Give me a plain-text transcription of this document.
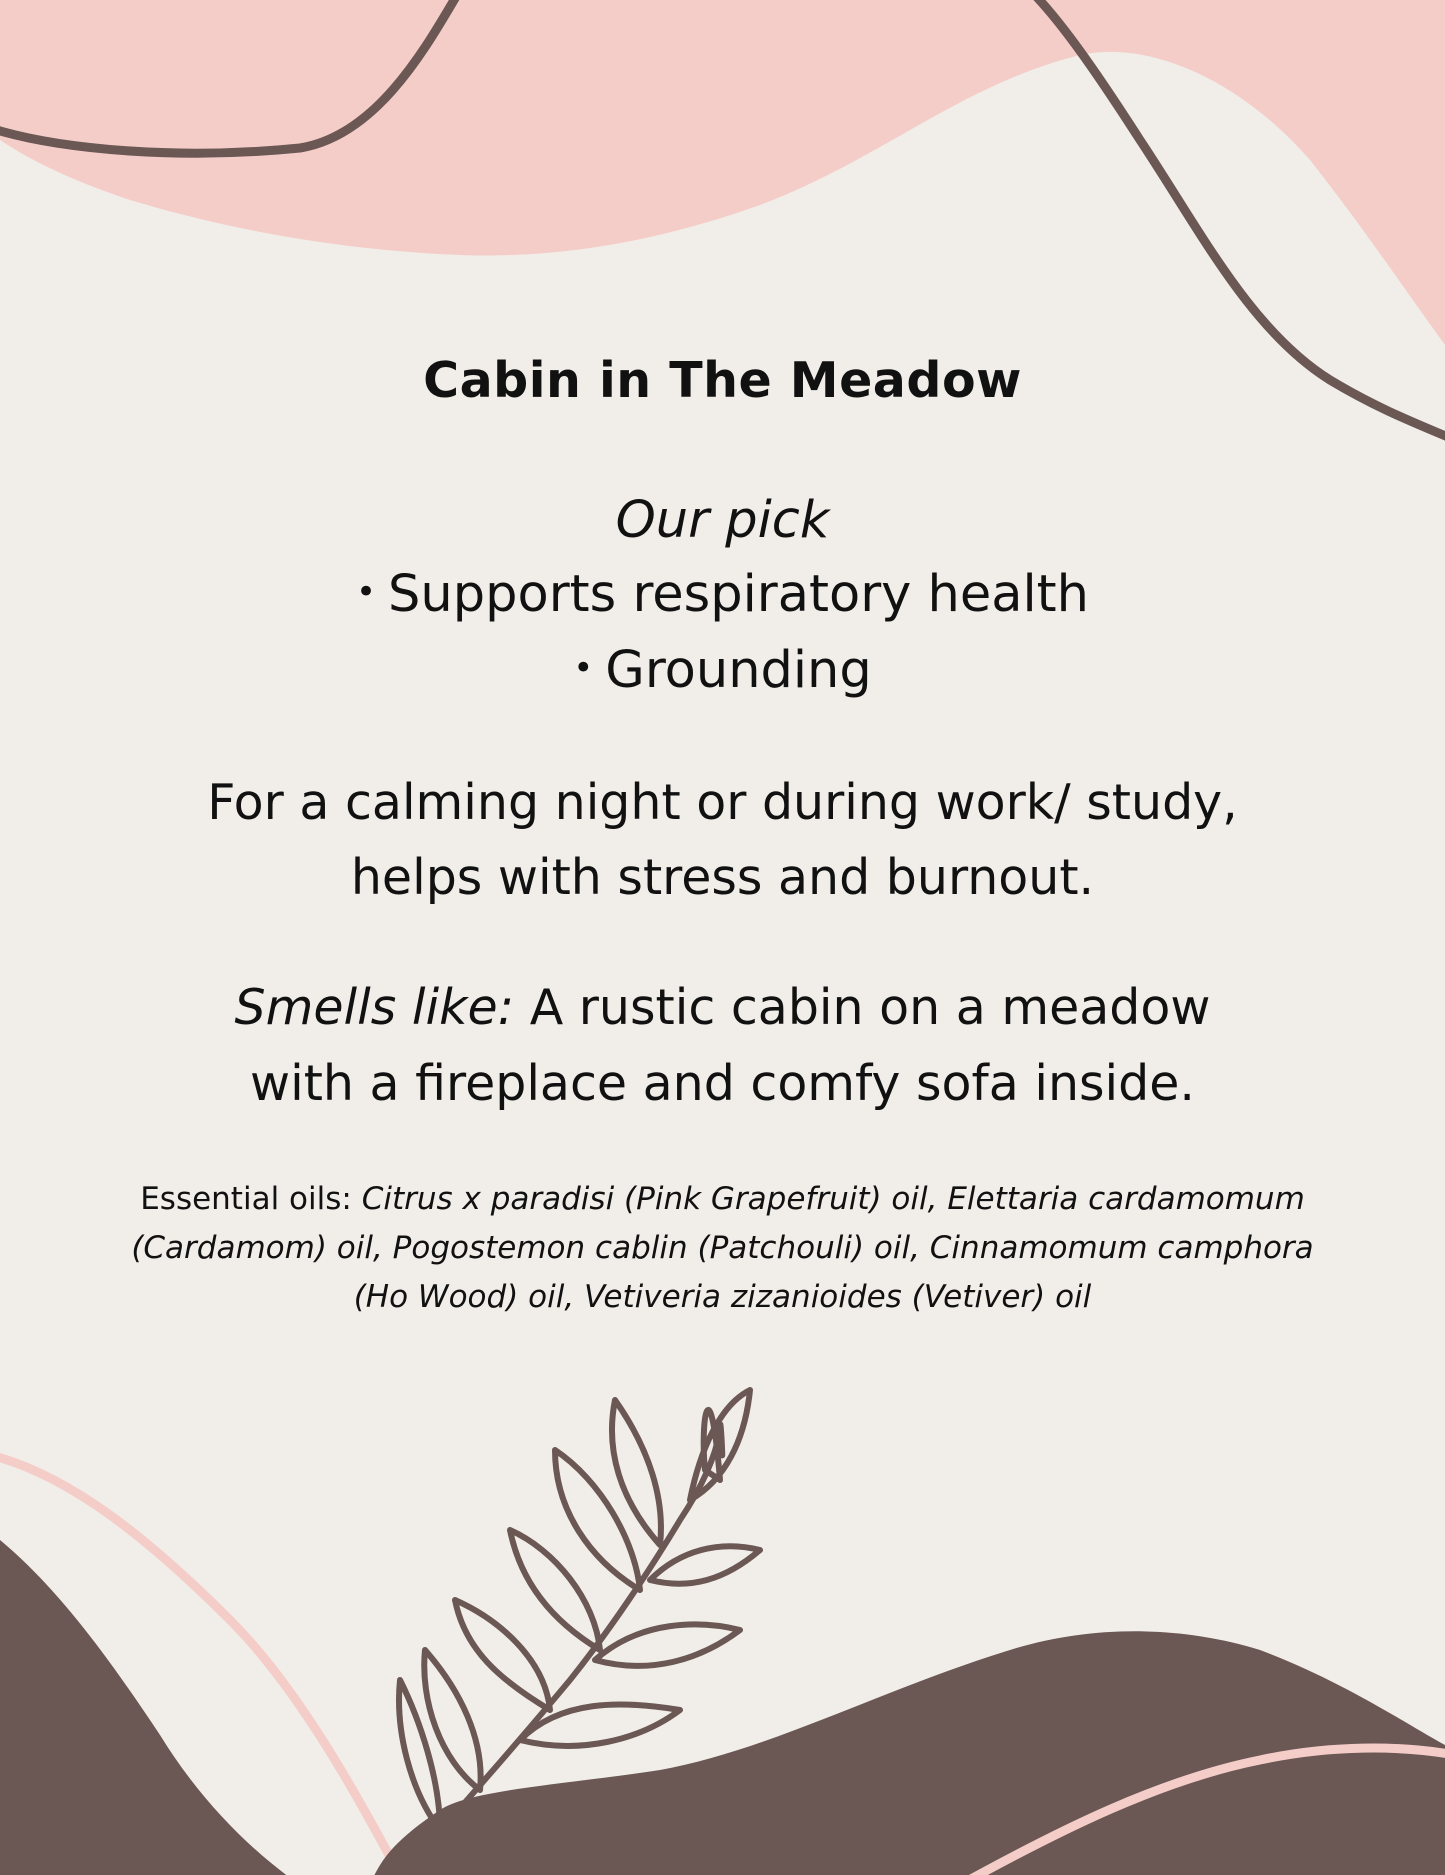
Cabin in The Meadow
Our pick
• Supports respiratory health
• Grounding

For a calming night or during work/ study,
helps with stress and burnout.

Smells like: A rustic cabin on a meadow
with a fireplace and comfy sofa inside.

Essential oils: Citrus x paradisi (Pink Grapefruit) oil, Elettaria cardamomum (Cardamom) oil, Pogostemon cablin (Patchouli) oil, Cinnamomum camphora (Ho Wood) oil, Vetiveria zizanioides (Vetiver) oil
